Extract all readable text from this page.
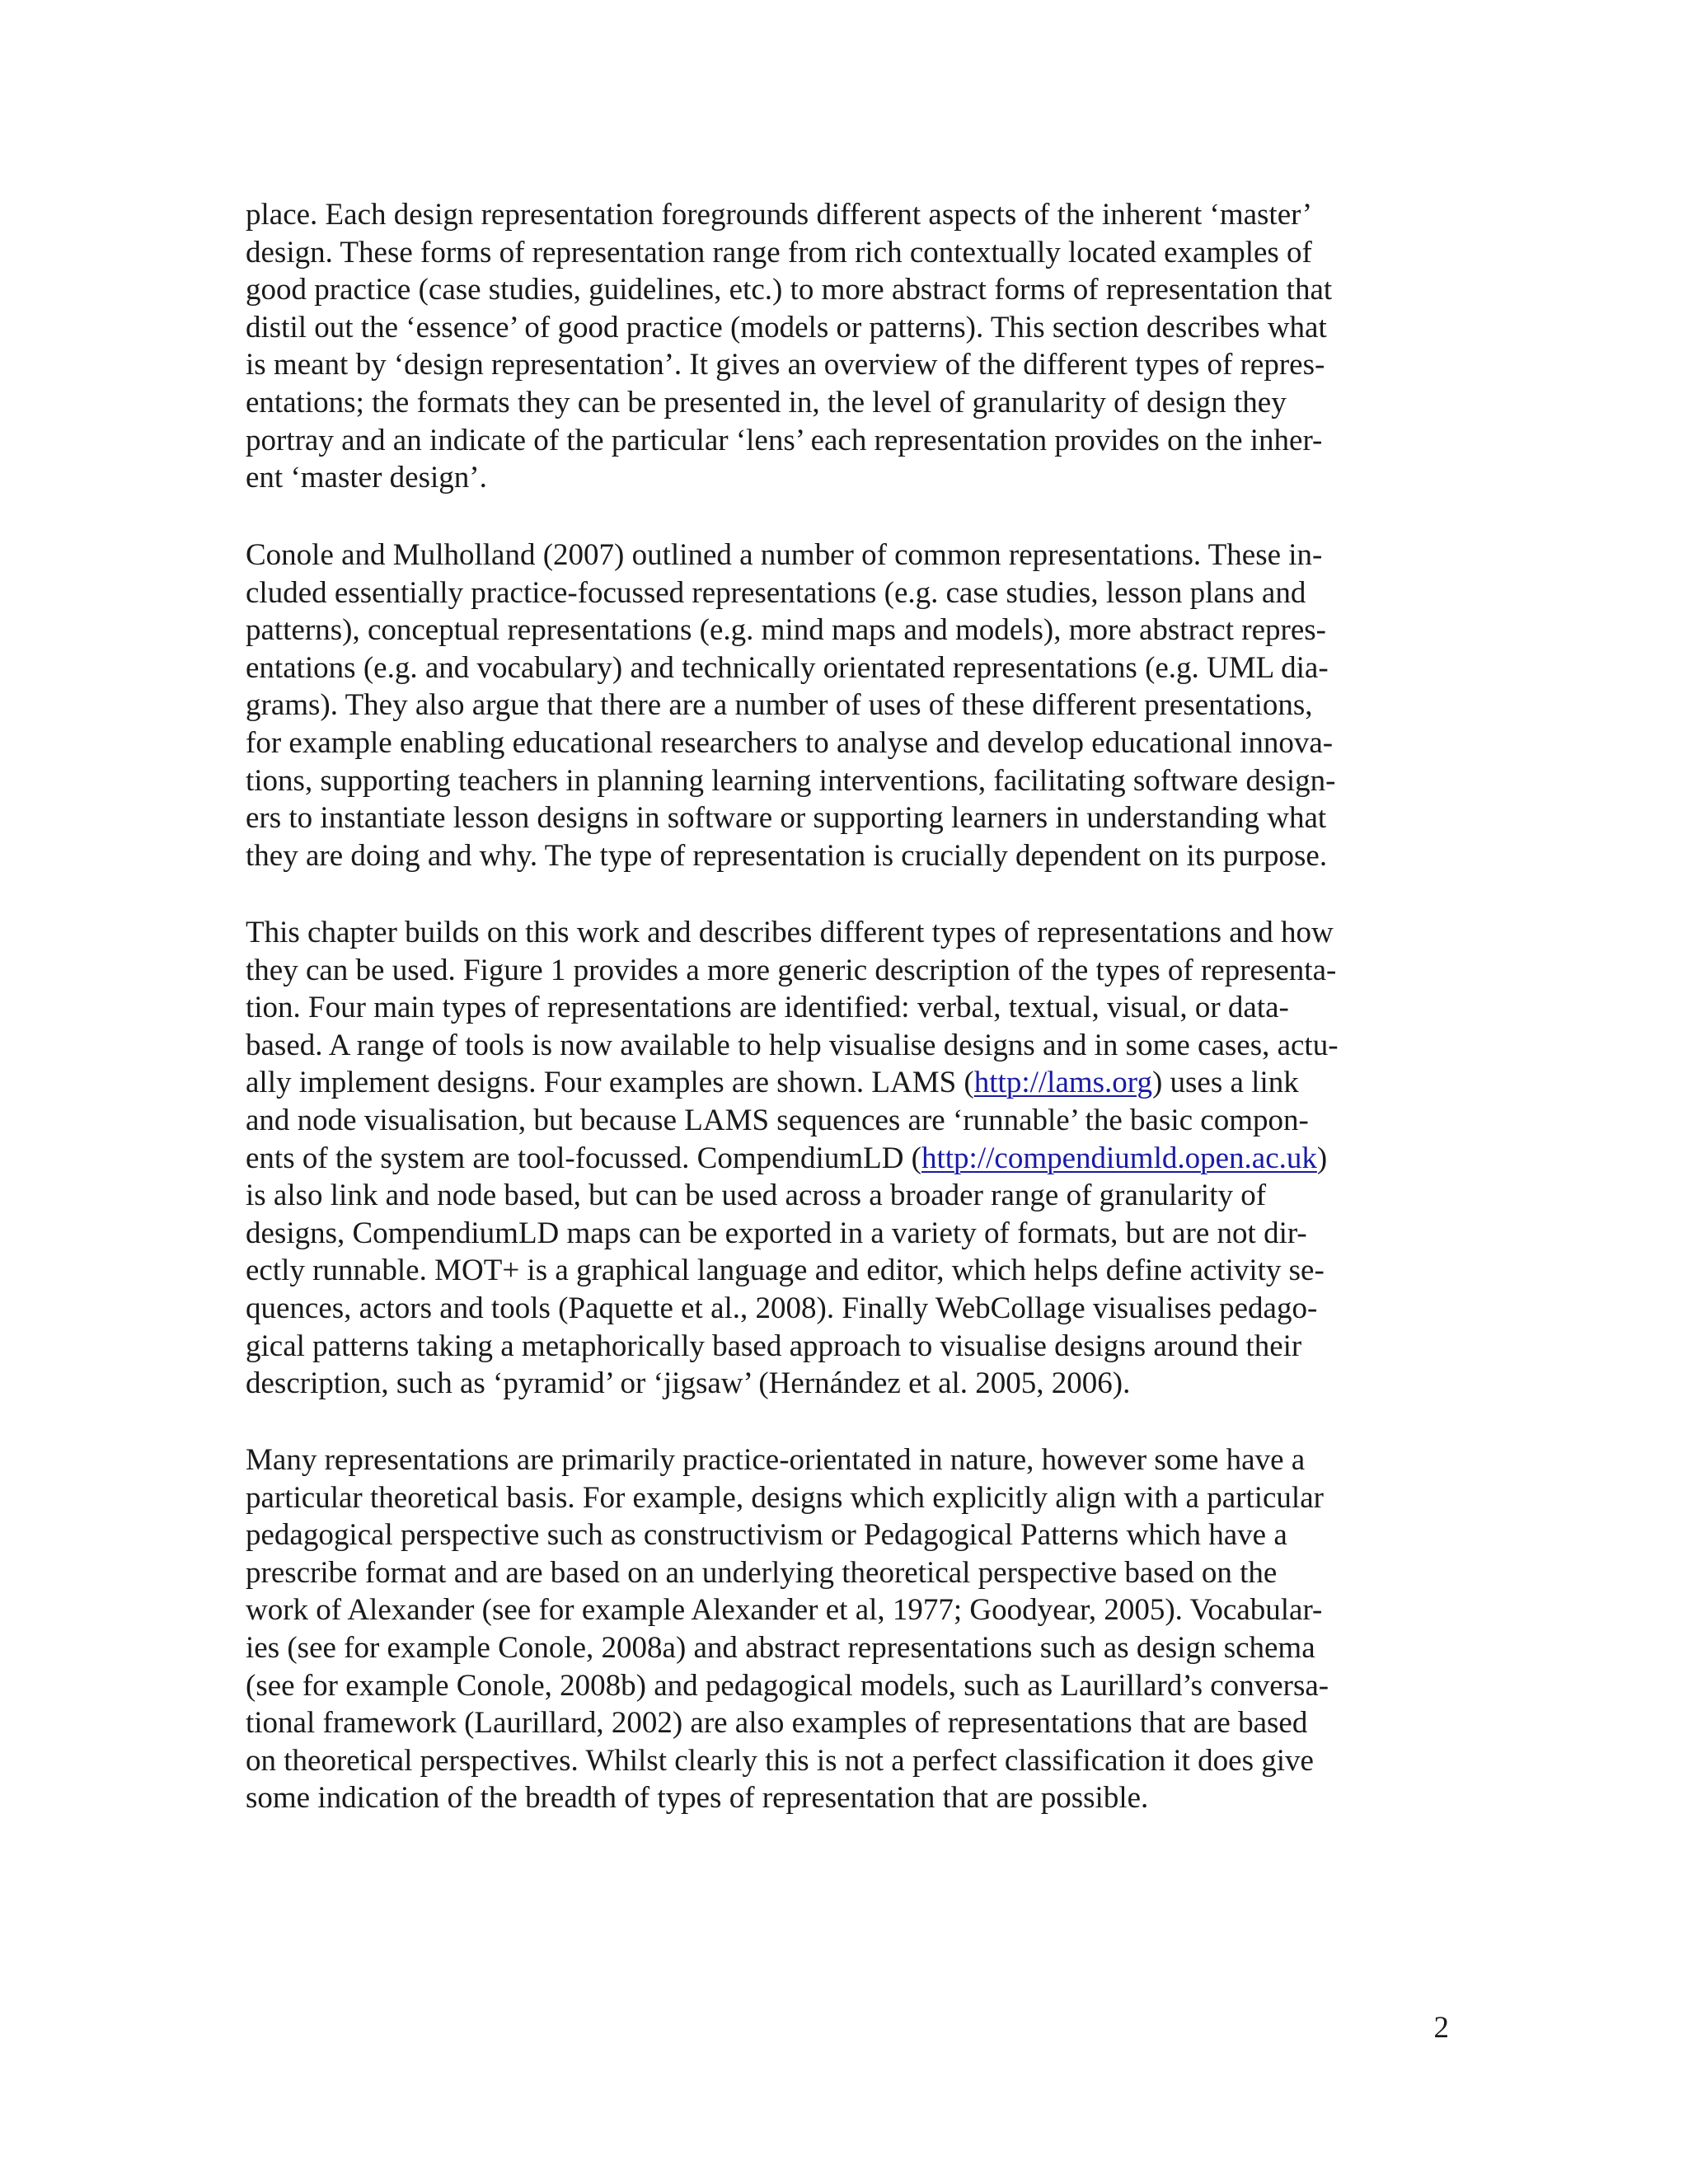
place. Each design representation foregrounds different aspects of the inherent ‘master’
design. These forms of representation range from rich contextually located examples of
good practice (case studies, guidelines, etc.) to more abstract forms of representation that
distil out the ‘essence’ of good practice (models or patterns). This section describes what
is meant by ‘design representation’. It gives an overview of the different types of repres-
entations; the formats they can be presented in, the level of granularity of design they
portray and an indicate of the particular ‘lens’ each representation provides on the inher-
ent ‘master design’.
Conole and Mulholland (2007) outlined a number of common representations. These in-
cluded essentially practice-focussed representations (e.g. case studies, lesson plans and
patterns), conceptual representations (e.g. mind maps and models), more abstract repres-
entations (e.g. and vocabulary) and technically orientated representations (e.g. UML dia-
grams). They also argue that there are a number of uses of these different presentations,
for example enabling educational researchers to analyse and develop educational innova-
tions, supporting teachers in planning learning interventions, facilitating software design-
ers to instantiate lesson designs in software or supporting learners in understanding what
they are doing and why. The type of representation is crucially dependent on its purpose.
This chapter builds on this work and describes different types of representations and how
they can be used. Figure 1 provides a more generic description of the types of representa-
tion. Four main types of representations are identified: verbal, textual, visual, or data-
based. A range of tools is now available to help visualise designs and in some cases, actu-
ally implement designs. Four examples are shown. LAMS (http://lams.org) uses a link
and node visualisation, but because LAMS sequences are ‘runnable’ the basic compon-
ents of the system are tool-focussed. CompendiumLD (http://compendiumld.open.ac.uk)
is also link and node based, but can be used across a broader range of granularity of
designs, CompendiumLD maps can be exported in a variety of formats, but are not dir-
ectly runnable. MOT+ is a graphical language and editor, which helps define activity se-
quences, actors and tools (Paquette et al., 2008). Finally WebCollage visualises pedago-
gical patterns taking a metaphorically based approach to visualise designs around their
description, such as ‘pyramid’ or ‘jigsaw’ (Hernández et al. 2005, 2006).
Many representations are primarily practice-orientated in nature, however some have a
particular theoretical basis. For example, designs which explicitly align with a particular
pedagogical perspective such as constructivism or Pedagogical Patterns which have a
prescribe format and are based on an underlying theoretical perspective based on the
work of Alexander (see for example Alexander et al, 1977; Goodyear, 2005). Vocabular-
ies (see for example Conole, 2008a) and abstract representations such as design schema
(see for example Conole, 2008b) and pedagogical models, such as Laurillard’s conversa-
tional framework (Laurillard, 2002) are also examples of representations that are based
on theoretical perspectives. Whilst clearly this is not a perfect classification it does give
some indication of the breadth of types of representation that are possible.
2
